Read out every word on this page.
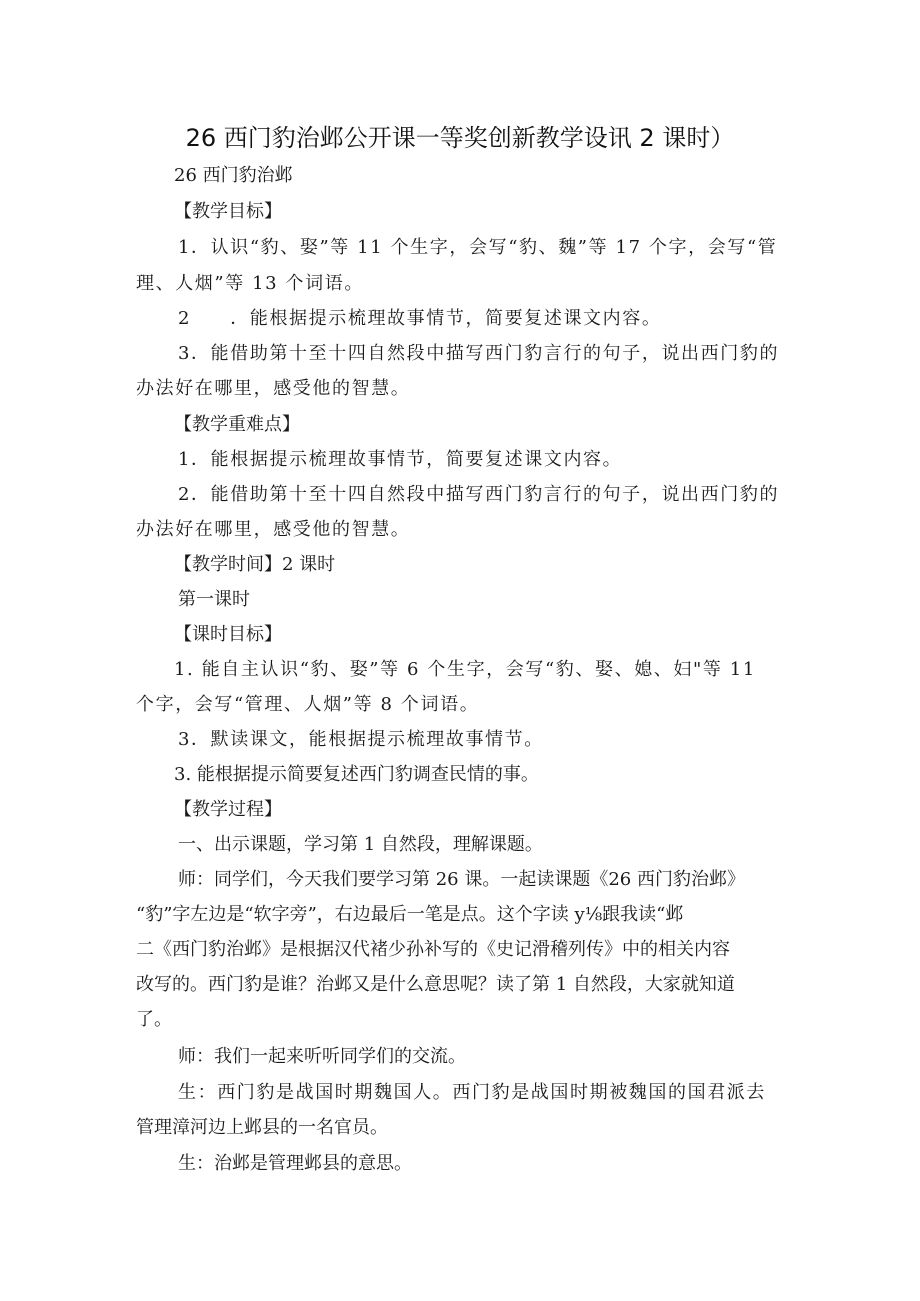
26 西门豹治邺公开课一等奖创新教学设讯 2 课时）
26 西门豹治邺
【教学目标】
1．认识“豹、娶”等 11 个生字，会写“豹、魏”等 17 个字，会写“管
理、人烟”等 13 个词语。
2　　．能根据提示梳理故事情节，简要复述课文内容。
3．能借助第十至十四自然段中描写西门豹言行的句子，说出西门豹的
办法好在哪里，感受他的智慧。
【教学重难点】
1．能根据提示梳理故事情节，简要复述课文内容。
2．能借助第十至十四自然段中描写西门豹言行的句子，说出西门豹的
办法好在哪里，感受他的智慧。
【教学时间】2 课时
第一课时
【课时目标】
1. 能自主认识“豹、娶”等 6 个生字，会写“豹、娶、媳、妇"等 11
个字，会写“管理、人烟”等 8 个词语。
3．默读课文，能根据提示梳理故事情节。
3. 能根据提示简要复述西门豹调查民情的事。
【教学过程】
一、出示课题，学习第 1 自然段，理解课题。
师：同学们，今天我们要学习第 26 课。一起读课题《26 西门豹治邺》
“豹”字左边是“软字旁”，右边最后一笔是点。这个字读 y⅛跟我读“邺
二《西门豹治邺》是根据汉代褚少孙补写的《史记滑稽列传》中的相关内容
改写的。西门豹是谁？治邺又是什么意思呢？读了第 1 自然段，大家就知道
了。
师：我们一起来听听同学们的交流。
生：西门豹是战国时期魏国人。西门豹是战国时期被魏国的国君派去
管理漳河边上邺县的一名官员。
生：治邺是管理邺县的意思。
